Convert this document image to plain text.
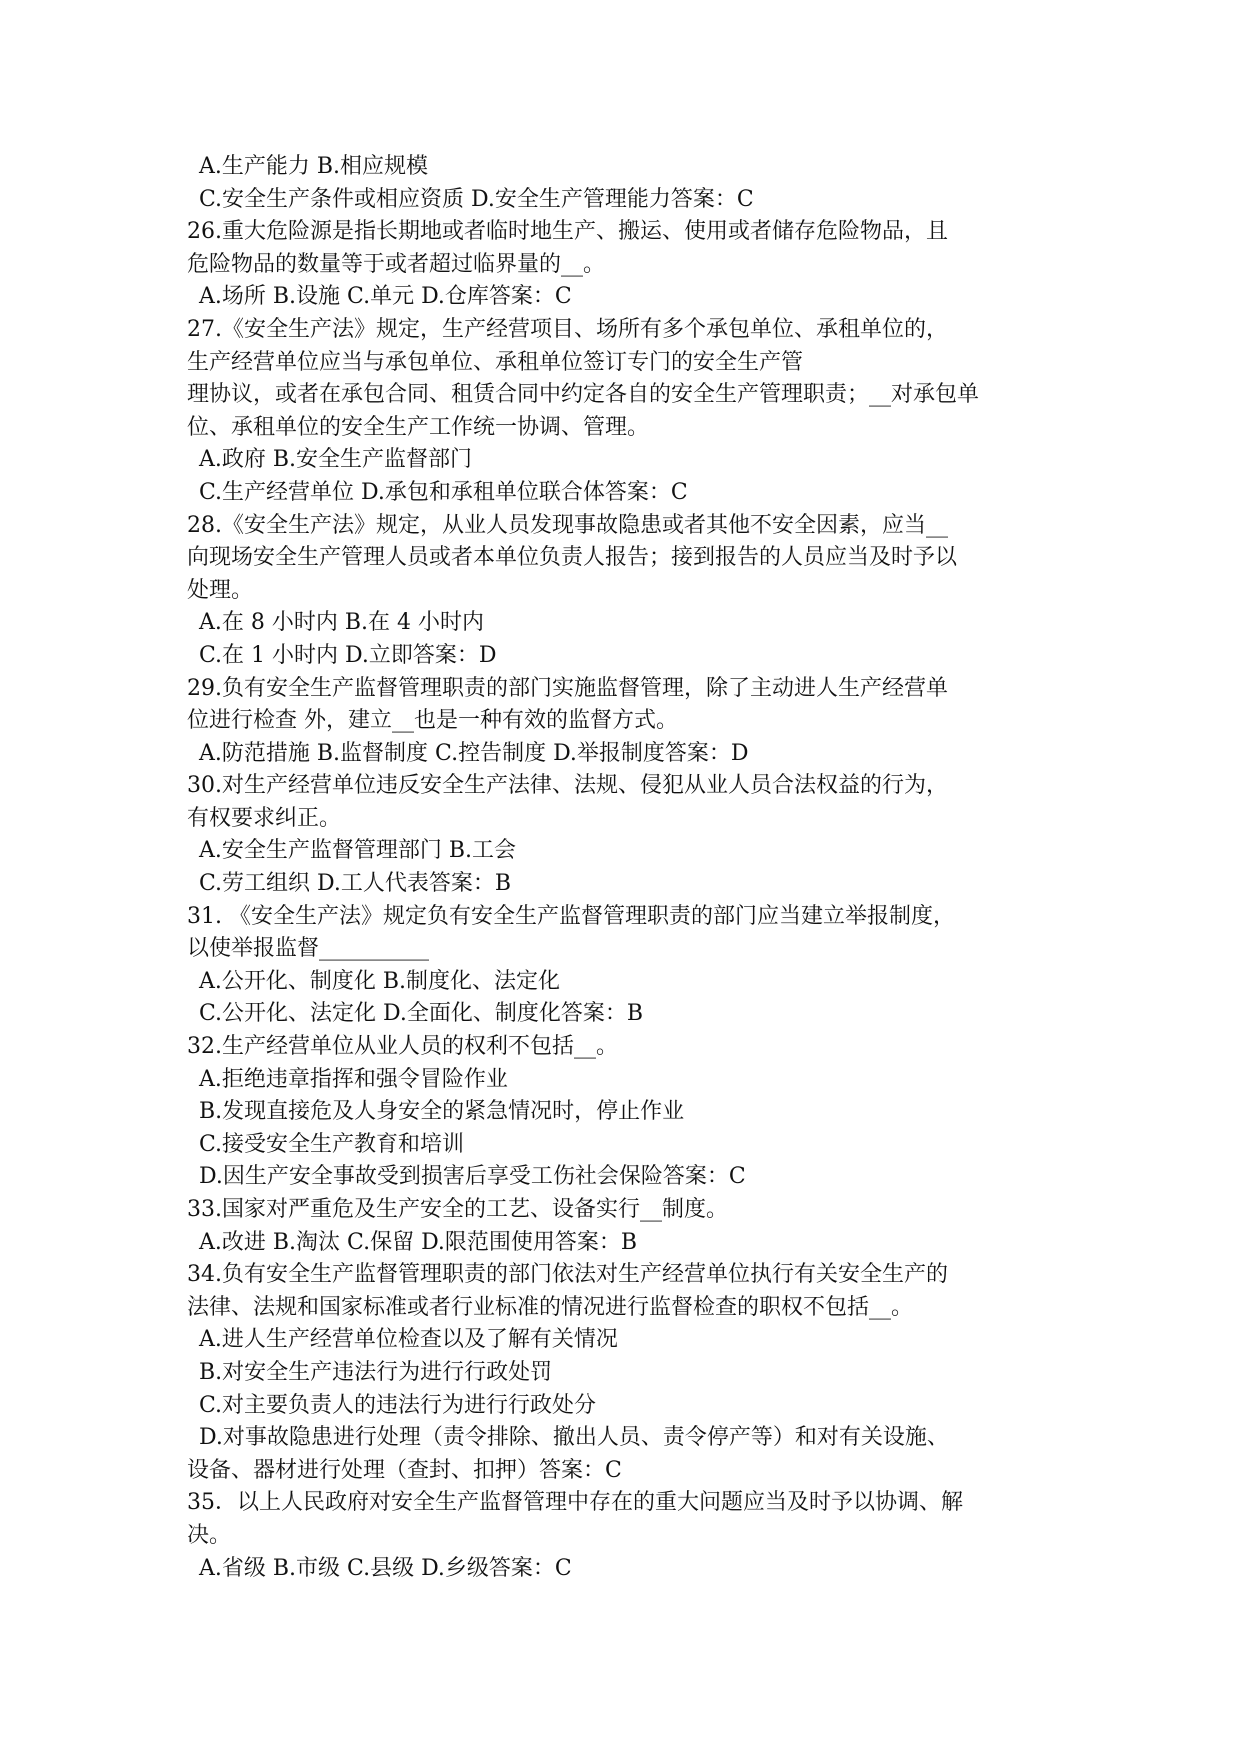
A.生产能力 B.相应规模
C.安全生产条件或相应资质 D.安全生产管理能力答案：C
26.重大危险源是指长期地或者临时地生产、搬运、使用或者储存危险物品，且
危险物品的数量等于或者超过临界量的__。
A.场所 B.设施 C.单元 D.仓库答案：C
27.《安全生产法》规定，生产经营项目、场所有多个承包单位、承租单位的，
生产经营单位应当与承包单位、承租单位签订专门的安全生产管
理协议，或者在承包合同、租赁合同中约定各自的安全生产管理职责；__对承包单
位、承租单位的安全生产工作统一协调、管理。
A.政府 B.安全生产监督部门
C.生产经营单位 D.承包和承租单位联合体答案：C
28.《安全生产法》规定，从业人员发现事故隐患或者其他不安全因素，应当__
向现场安全生产管理人员或者本单位负责人报告；接到报告的人员应当及时予以
处理。
A.在 8 小时内 B.在 4 小时内
C.在 1 小时内 D.立即答案：D
29.负有安全生产监督管理职责的部门实施监督管理，除了主动进人生产经营单
位进行检查 外，建立__也是一种有效的监督方式。
A.防范措施 B.监督制度 C.控告制度 D.举报制度答案：D
30.对生产经营单位违反安全生产法律、法规、侵犯从业人员合法权益的行为，
有权要求纠正。
A.安全生产监督管理部门 B.工会
C.劳工组织 D.工人代表答案：B
31. 《安全生产法》规定负有安全生产监督管理职责的部门应当建立举报制度，
以使举报监督__________
A.公开化、制度化 B.制度化、法定化
C.公开化、法定化 D.全面化、制度化答案：B
32.生产经营单位从业人员的权利不包括__。
A.拒绝违章指挥和强令冒险作业
B.发现直接危及人身安全的紧急情况时，停止作业
C.接受安全生产教育和培训
D.因生产安全事故受到损害后享受工伤社会保险答案：C
33.国家对严重危及生产安全的工艺、设备实行__制度。
A.改进 B.淘汰 C.保留 D.限范围使用答案：B
34.负有安全生产监督管理职责的部门依法对生产经营单位执行有关安全生产的
法律、法规和国家标准或者行业标准的情况进行监督检查的职权不包括__。
A.进人生产经营单位检查以及了解有关情况
B.对安全生产违法行为进行行政处罚
C.对主要负责人的违法行为进行行政处分
D.对事故隐患进行处理（责令排除、撤出人员、责令停产等）和对有关设施、
设备、器材进行处理（查封、扣押）答案：C
35．以上人民政府对安全生产监督管理中存在的重大问题应当及时予以协调、解
决。
A.省级 B.市级 C.县级 D.乡级答案：C
